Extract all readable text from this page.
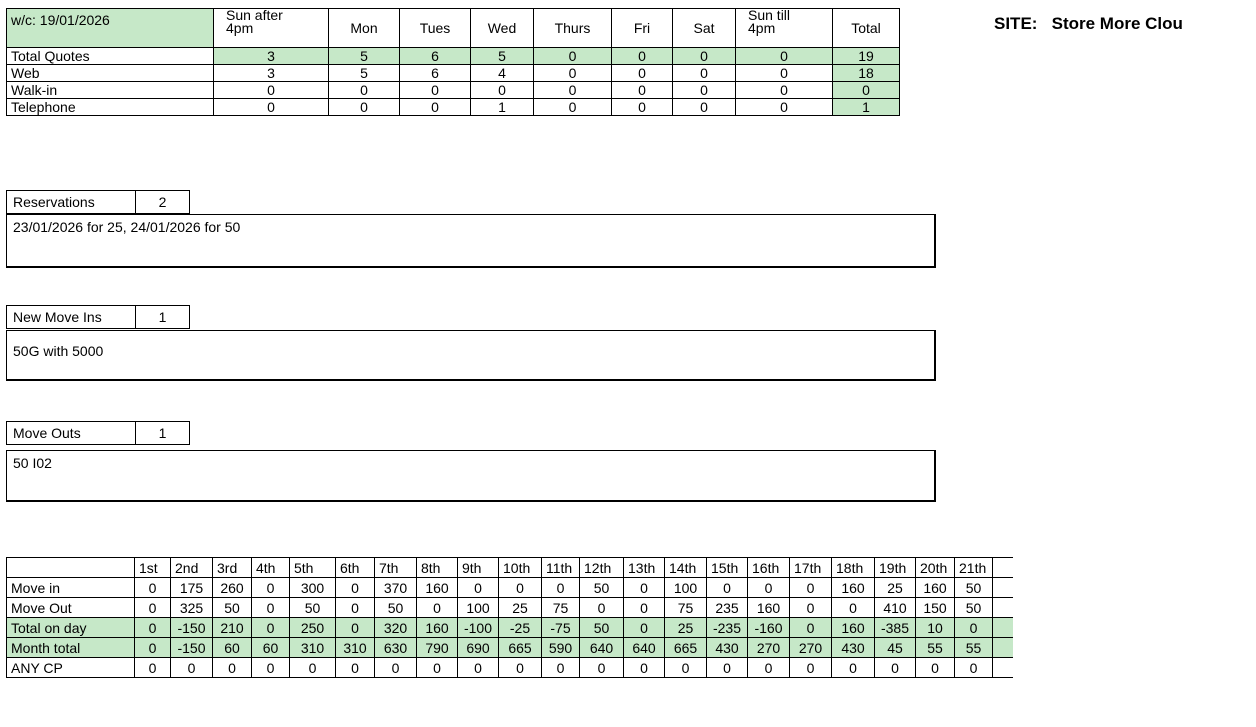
w/c: 19/01/2026	Sun after
4pm	Mon	Tues	Wed	Thurs	Fri	Sat	Sun till
4pm	Total
Total Quotes	3	5	6	5	0	0	0	0	19
Web	3	5	6	4	0	0	0	0	18
Walk-in	0	0	0	0	0	0	0	0	0
Telephone	0	0	0	1	0	0	0	0	1
SITE: Store More Clou
Reservations	2
23/01/2026 for 25, 24/01/2026 for 50
New Move Ins	1
50G with 5000
Move Outs	1
50 I02
	1st	2nd	3rd	4th	5th	6th	7th	8th	9th	10th	11th	12th	13th	14th	15th	16th	17th	18th	19th	20th	21th	
Move in	0	175	260	0	300	0	370	160	0	0	0	50	0	100	0	0	0	160	25	160	50	
Move Out	0	325	50	0	50	0	50	0	100	25	75	0	0	75	235	160	0	0	410	150	50	
Total on day	0	-150	210	0	250	0	320	160	-100	-25	-75	50	0	25	-235	-160	0	160	-385	10	0	
Month total	0	-150	60	60	310	310	630	790	690	665	590	640	640	665	430	270	270	430	45	55	55	
ANY CP	0	0	0	0	0	0	0	0	0	0	0	0	0	0	0	0	0	0	0	0	0	
